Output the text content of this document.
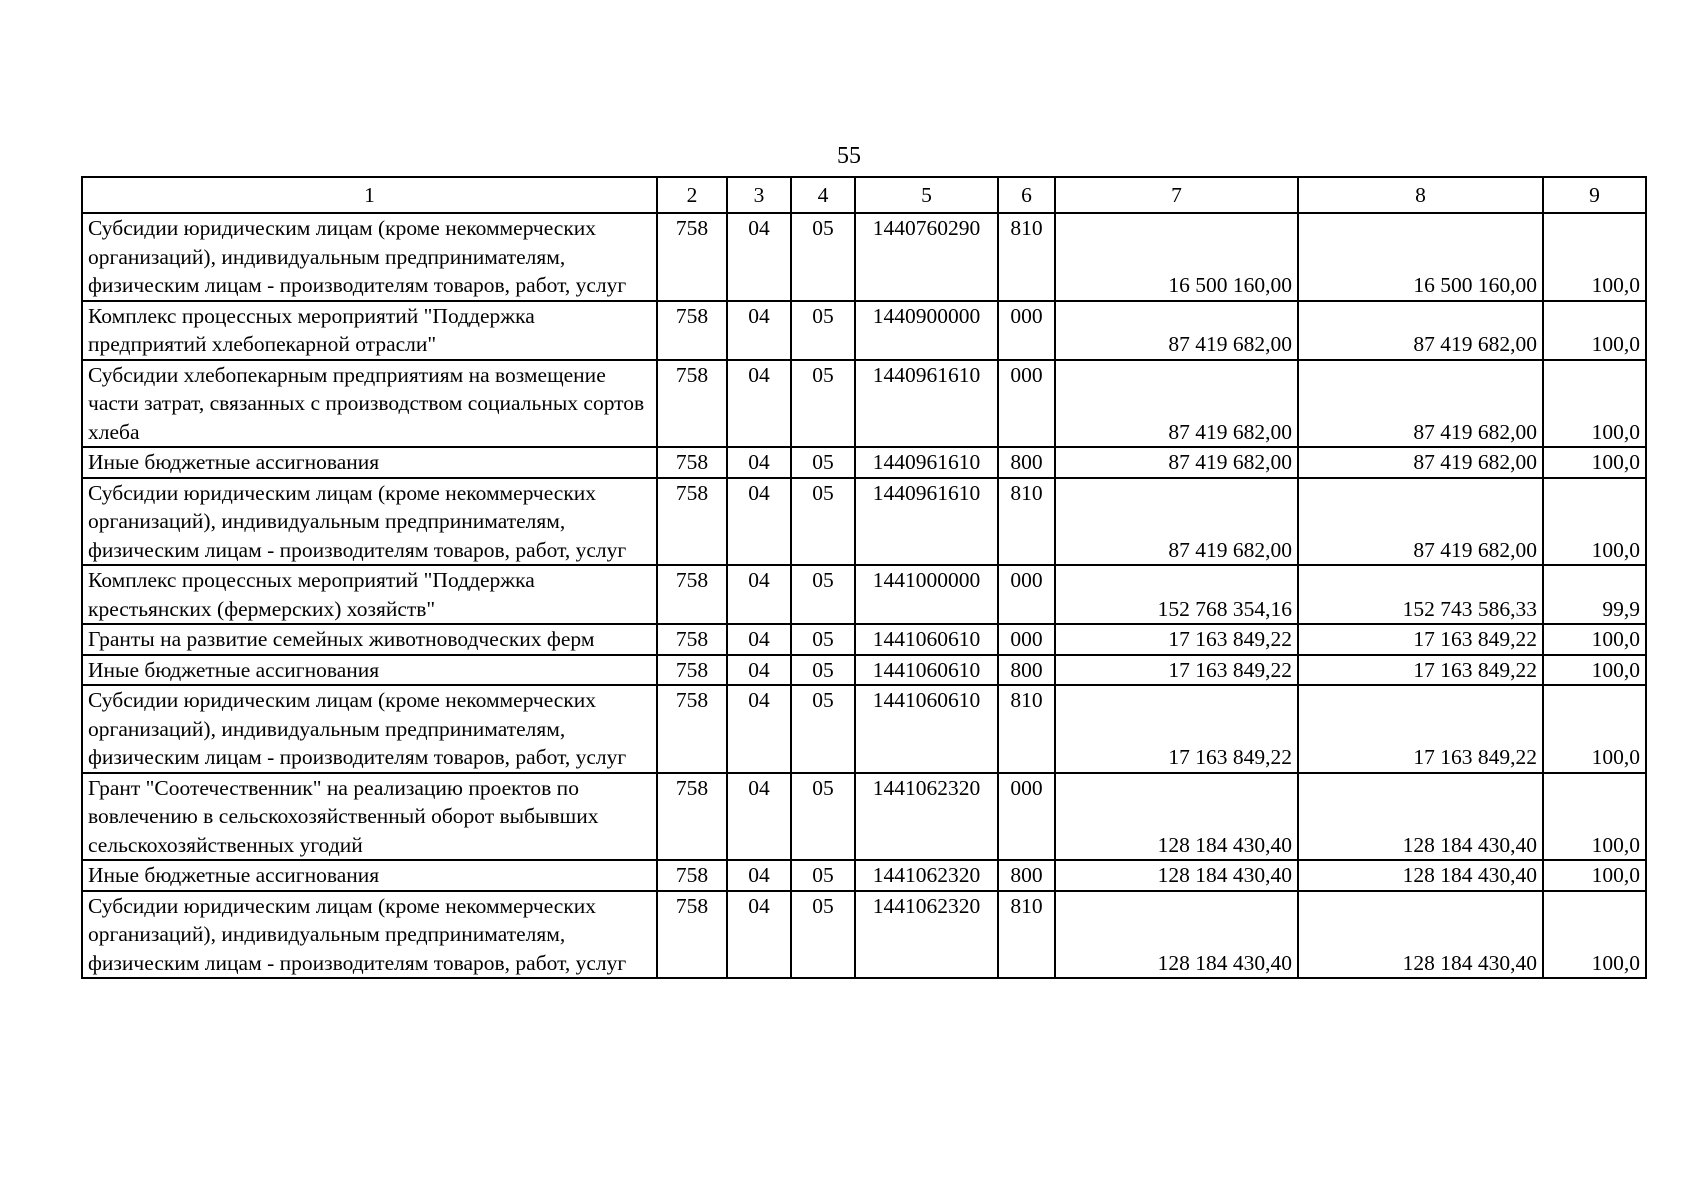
55
1	2	3	4	5	6	7	8	9
Субсидии юридическим лицам (кроме некоммерческих организаций), индивидуальным предпринимателям, физическим лицам - производителям товаров, работ, услуг	758	04	05	1440760290	810	16 500 160,00	16 500 160,00	100,0
Комплекс процессных мероприятий "Поддержка предприятий хлебопекарной отрасли"	758	04	05	1440900000	000	87 419 682,00	87 419 682,00	100,0
Субсидии хлебопекарным предприятиям на возмещение части затрат, связанных с производством социальных сортов хлеба	758	04	05	1440961610	000	87 419 682,00	87 419 682,00	100,0
Иные бюджетные ассигнования	758	04	05	1440961610	800	87 419 682,00	87 419 682,00	100,0
Субсидии юридическим лицам (кроме некоммерческих организаций), индивидуальным предпринимателям, физическим лицам - производителям товаров, работ, услуг	758	04	05	1440961610	810	87 419 682,00	87 419 682,00	100,0
Комплекс процессных мероприятий "Поддержка крестьянских (фермерских) хозяйств"	758	04	05	1441000000	000	152 768 354,16	152 743 586,33	99,9
Гранты на развитие семейных животноводческих ферм	758	04	05	1441060610	000	17 163 849,22	17 163 849,22	100,0
Иные бюджетные ассигнования	758	04	05	1441060610	800	17 163 849,22	17 163 849,22	100,0
Субсидии юридическим лицам (кроме некоммерческих организаций), индивидуальным предпринимателям, физическим лицам - производителям товаров, работ, услуг	758	04	05	1441060610	810	17 163 849,22	17 163 849,22	100,0
Грант "Соотечественник" на реализацию проектов по вовлечению в сельскохозяйственный оборот выбывших сельскохозяйственных угодий	758	04	05	1441062320	000	128 184 430,40	128 184 430,40	100,0
Иные бюджетные ассигнования	758	04	05	1441062320	800	128 184 430,40	128 184 430,40	100,0
Субсидии юридическим лицам (кроме некоммерческих организаций), индивидуальным предпринимателям, физическим лицам - производителям товаров, работ, услуг	758	04	05	1441062320	810	128 184 430,40	128 184 430,40	100,0
